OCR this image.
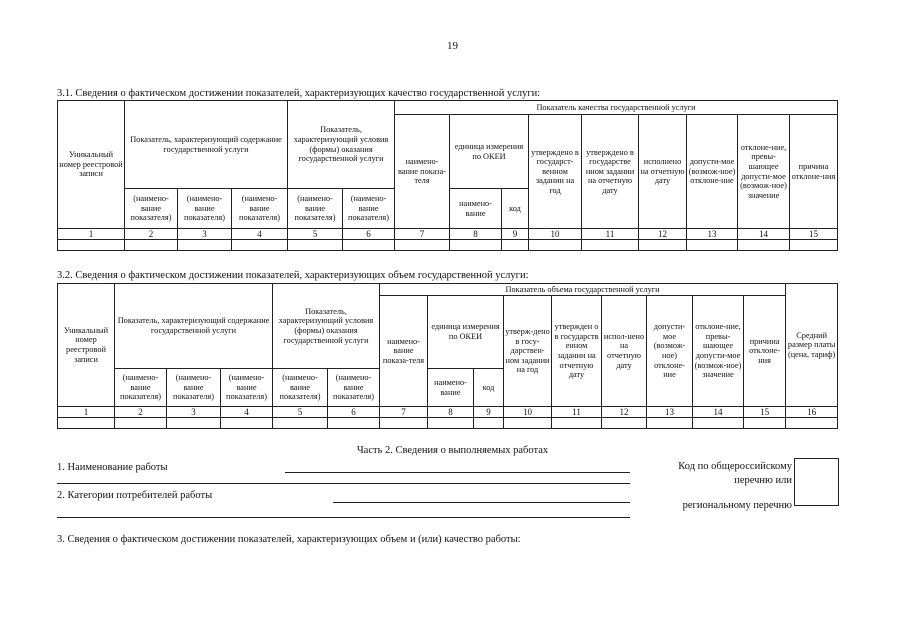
19
3.1. Сведения о фактическом достижении показателей, характеризующих качество государственной услуги:
Уникальный номер реестровой записи	Показатель, характеризующий содержание государственной услуги			Показатель, характеризующий условия (формы) оказания государственной услуги		Показатель качества государственной услуги								
						наимено-вание показа-теля	единица измерения по ОКЕИ		утверждено в государст-венном задании на год	утверждено в государстве нном задании на отчетную дату	исполнено на отчетную дату	допусти-мое (возмож-ное) отклоне-ние	отклоне-ние, превы-шающее допусти-мое (возмож-ное) значение	причина отклоне-ния
	(наимено-вание показателя)	(наимено-вание показателя)	(наимено-вание показателя)	(наимено-вание показателя)	(наимено-вание показателя)		наимено-вание	код						
1	2	3	4	5	6	7	8	9	10	11	12	13	14	15

3.2. Сведения о фактическом достижении показателей, характеризующих объем государственной услуги:
Уникальный номер реестровой записи	Показатель, характеризующий содержание государственной услуги			Показатель, характеризующий условия (формы) оказания государственной услуги		Показатель объема государственной услуги									Средний размер платы (цена, тариф)
						наимено-вание показа-теля	единица измерения по ОКЕИ		утверж-дено в госу-дарствен-ном задании на год	утвержден о в государств енном задании на отчетную дату	испол-нено на отчетную дату	допусти-мое (возмож-ное) отклоне-ние	отклоне-ние, превы-шающее допусти-мое (возмож-ное) значение	причина отклоне-ния	
	(наимено-вание показателя)	(наимено-вание показателя)	(наимено-вание показателя)	(наимено-вание показателя)	(наимено-вание показателя)		наимено-вание	код							
1	2	3	4	5	6	7	8	9	10	11	12	13	14	15	16

Часть 2. Сведения о выполняемых работах
1. Наименование работы
2. Категории потребителей работы
Код по общероссийскому
перечню или
региональному перечню
3. Сведения о фактическом достижении показателей, характеризующих объем и (или) качество работы:
